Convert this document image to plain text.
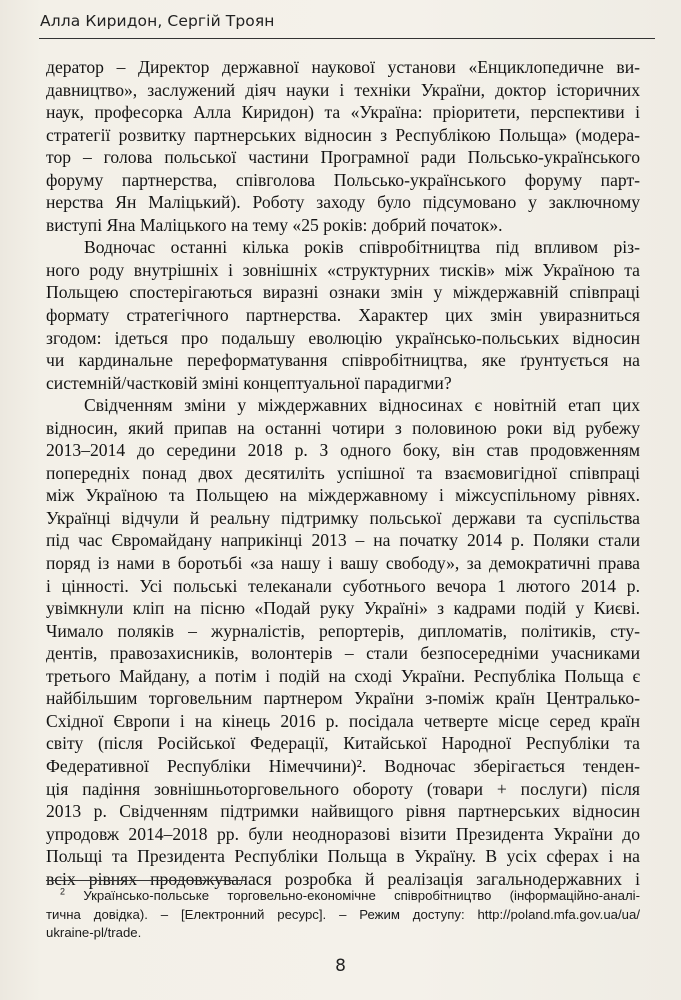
Алла Киридон, Сергій Троян

дератор – Директор державної наукової установи «Енциклопедичне ви-
давництво», заслужений діяч науки і техніки України, доктор історичних
наук, професорка Алла Киридон) та «Україна: пріоритети, перспективи і
стратегії розвитку партнерських відносин з Республікою Польща» (модера-
тор – голова польської частини Програмної ради Польсько-українського
форуму партнерства, співголова Польсько-українського форуму парт-
нерства Ян Маліцький). Роботу заходу було підсумовано у заключному
виступі Яна Маліцького на тему «25 років: добрий початок».

Водночас останні кілька років співробітництва під впливом різ-
ного роду внутрішніх і зовнішніх «структурних тисків» між Україною та
Польщею спостерігаються виразні ознаки змін у міждержавній співпраці
формату стратегічного партнерства. Характер цих змін увиразниться
згодом: ідеться про подальшу еволюцію українсько-польських відносин
чи кардинальне переформатування співробітництва, яке ґрунтується на
системній/частковій зміні концептуальної парадигми?

Свідченням зміни у міждержавних відносинах є новітній етап цих
відносин, який припав на останні чотири з половиною роки від рубежу
2013–2014 до середини 2018 р. З одного боку, він став продовженням
попередніх понад двох десятиліть успішної та взаємовигідної співпраці
між Україною та Польщею на міждержавному і міжсуспільному рівнях.
Українці відчули й реальну підтримку польської держави та суспільства
під час Євромайдану наприкінці 2013 – на початку 2014 р. Поляки стали
поряд із нами в боротьбі «за нашу і вашу свободу», за демократичні права
і цінності. Усі польські телеканали суботнього вечора 1 лютого 2014 р.
увімкнули кліп на пісню «Подай руку Україні» з кадрами подій у Києві.
Чимало поляків – журналістів, репортерів, дипломатів, політиків, сту-
дентів, правозахисників, волонтерів – стали безпосередніми учасниками
третього Майдану, а потім і подій на сході України. Республіка Польща є
найбільшим торговельним партнером України з-поміж країн Централько-
Східної Європи і на кінець 2016 р. посідала четверте місце серед країн
світу (після Російської Федерації, Китайської Народної Республіки та
Федеративної Республіки Німеччини)². Водночас зберігається тенден-
ція падіння зовнішньоторговельного обороту (товари + послуги) після
2013 р. Свідченням підтримки найвищого рівня партнерських відносин
упродовж 2014–2018 рр. були неодноразові візити Президента України до
Польщі та Президента Республіки Польща в Україну. В усіх сферах і на
всіх рівнях продовжувалася розробка й реалізація загальнодержавних і

$^2$ Українсько-польське торговельно-економічне співробітництво (інформаційно-аналі-
тична довідка). – [Електронний ресурс]. – Режим доступу: http://poland.mfa.gov.ua/ua/
ukraine-pl/trade.
8
